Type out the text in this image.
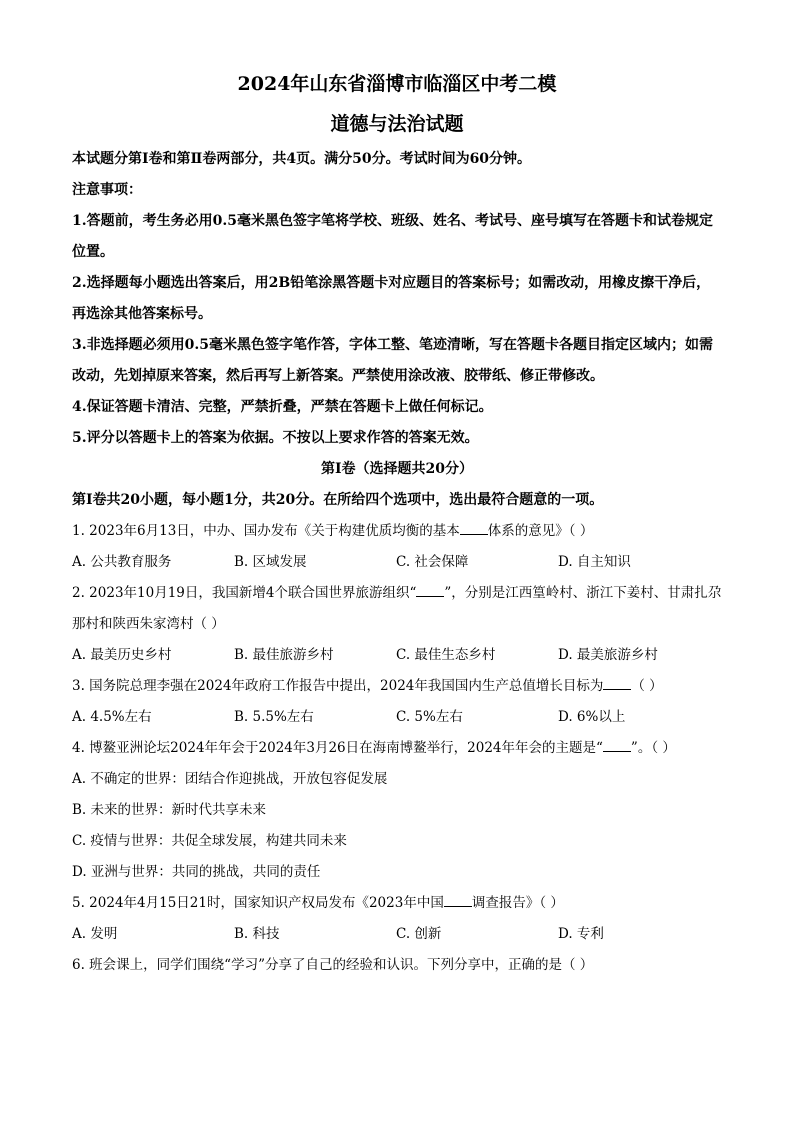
2024年山东省淄博市临淄区中考二模
道德与法治试题

本试题分第Ⅰ卷和第Ⅱ卷两部分，共4页。满分50分。考试时间为60分钟。

注意事项：

1.答题前，考生务必用0.5毫米黑色签字笔将学校、班级、姓名、考试号、座号填写在答题卡和试卷规定位置。

2.选择题每小题选出答案后，用2B铅笔涂黑答题卡对应题目的答案标号；如需改动，用橡皮擦干净后，再选涂其他答案标号。

3.非选择题必须用0.5毫米黑色签字笔作答，字体工整、笔迹清晰，写在答题卡各题目指定区域内；如需改动，先划掉原来答案，然后再写上新答案。严禁使用涂改液、胶带纸、修正带修改。

4.保证答题卡清洁、完整，严禁折叠，严禁在答题卡上做任何标记。

5.评分以答题卡上的答案为依据。不按以上要求作答的答案无效。

第Ⅰ卷（选择题共20分）

第Ⅰ卷共20小题，每小题1分，共20分。在所给四个选项中，选出最符合题意的一项。

1. 2023年6月13日，中办、国办发布《关于构建优质均衡的基本 体系的意见》（ ）

A. 公共教育服务	B. 区域发展	C. 社会保障	D. 自主知识

2. 2023年10月19日，我国新增4个联合国世界旅游组织“ ”，分别是江西篁岭村、浙江下姜村、甘肃扎尕那村和陕西朱家湾村（ ）

A. 最美历史乡村	B. 最佳旅游乡村	C. 最佳生态乡村	D. 最美旅游乡村

3. 国务院总理李强在2024年政府工作报告中提出，2024年我国国内生产总值增长目标为 （ ）

A. 4.5%左右	B. 5.5%左右	C. 5%左右	D. 6%以上

4. 博鳌亚洲论坛2024年年会于2024年3月26日在海南博鳌举行，2024年年会的主题是“ ”。（ ）

A. 不确定的世界：团结合作迎挑战，开放包容促发展

B. 未来的世界：新时代共享未来

C. 疫情与世界：共促全球发展，构建共同未来

D. 亚洲与世界：共同的挑战，共同的责任

5. 2024年4月15日21时，国家知识产权局发布《2023年中国 调查报告》（ ）

A. 发明	B. 科技	C. 创新	D. 专利

6. 班会课上，同学们围绕“学习”分享了自己的经验和认识。下列分享中，正确的是（ ）
